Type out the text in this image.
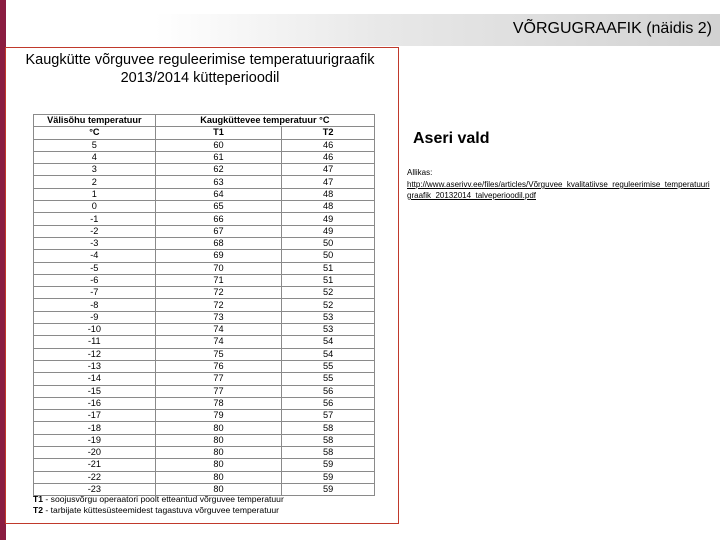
VÕRGUGRAAFIK (näidis 2)
Kaugkütte võrguvee reguleerimise temperatuurigraafik
2013/2014 kütteperioodil
Välisõhu temperatuur	Kaugküttevee temperatuur °C	
°C	T1	T2
5	60	46
4	61	46
3	62	47
2	63	47
1	64	48
0	65	48
-1	66	49
-2	67	49
-3	68	50
-4	69	50
-5	70	51
-6	71	51
-7	72	52
-8	72	52
-9	73	53
-10	74	53
-11	74	54
-12	75	54
-13	76	55
-14	77	55
-15	77	56
-16	78	56
-17	79	57
-18	80	58
-19	80	58
-20	80	58
-21	80	59
-22	80	59
-23	80	59
T1 - soojusvõrgu operaatori poolt etteantud võrguvee temperatuur
T2 - tarbijate küttesüsteemidest tagastuva võrguvee temperatuur
Aseri vald
Allikas:
http://www.aserivv.ee/files/articles/Võrguvee_kvalitatiivse_reguleerimise_temperatuurigraafik_20132014_talveperioodil.pdf
